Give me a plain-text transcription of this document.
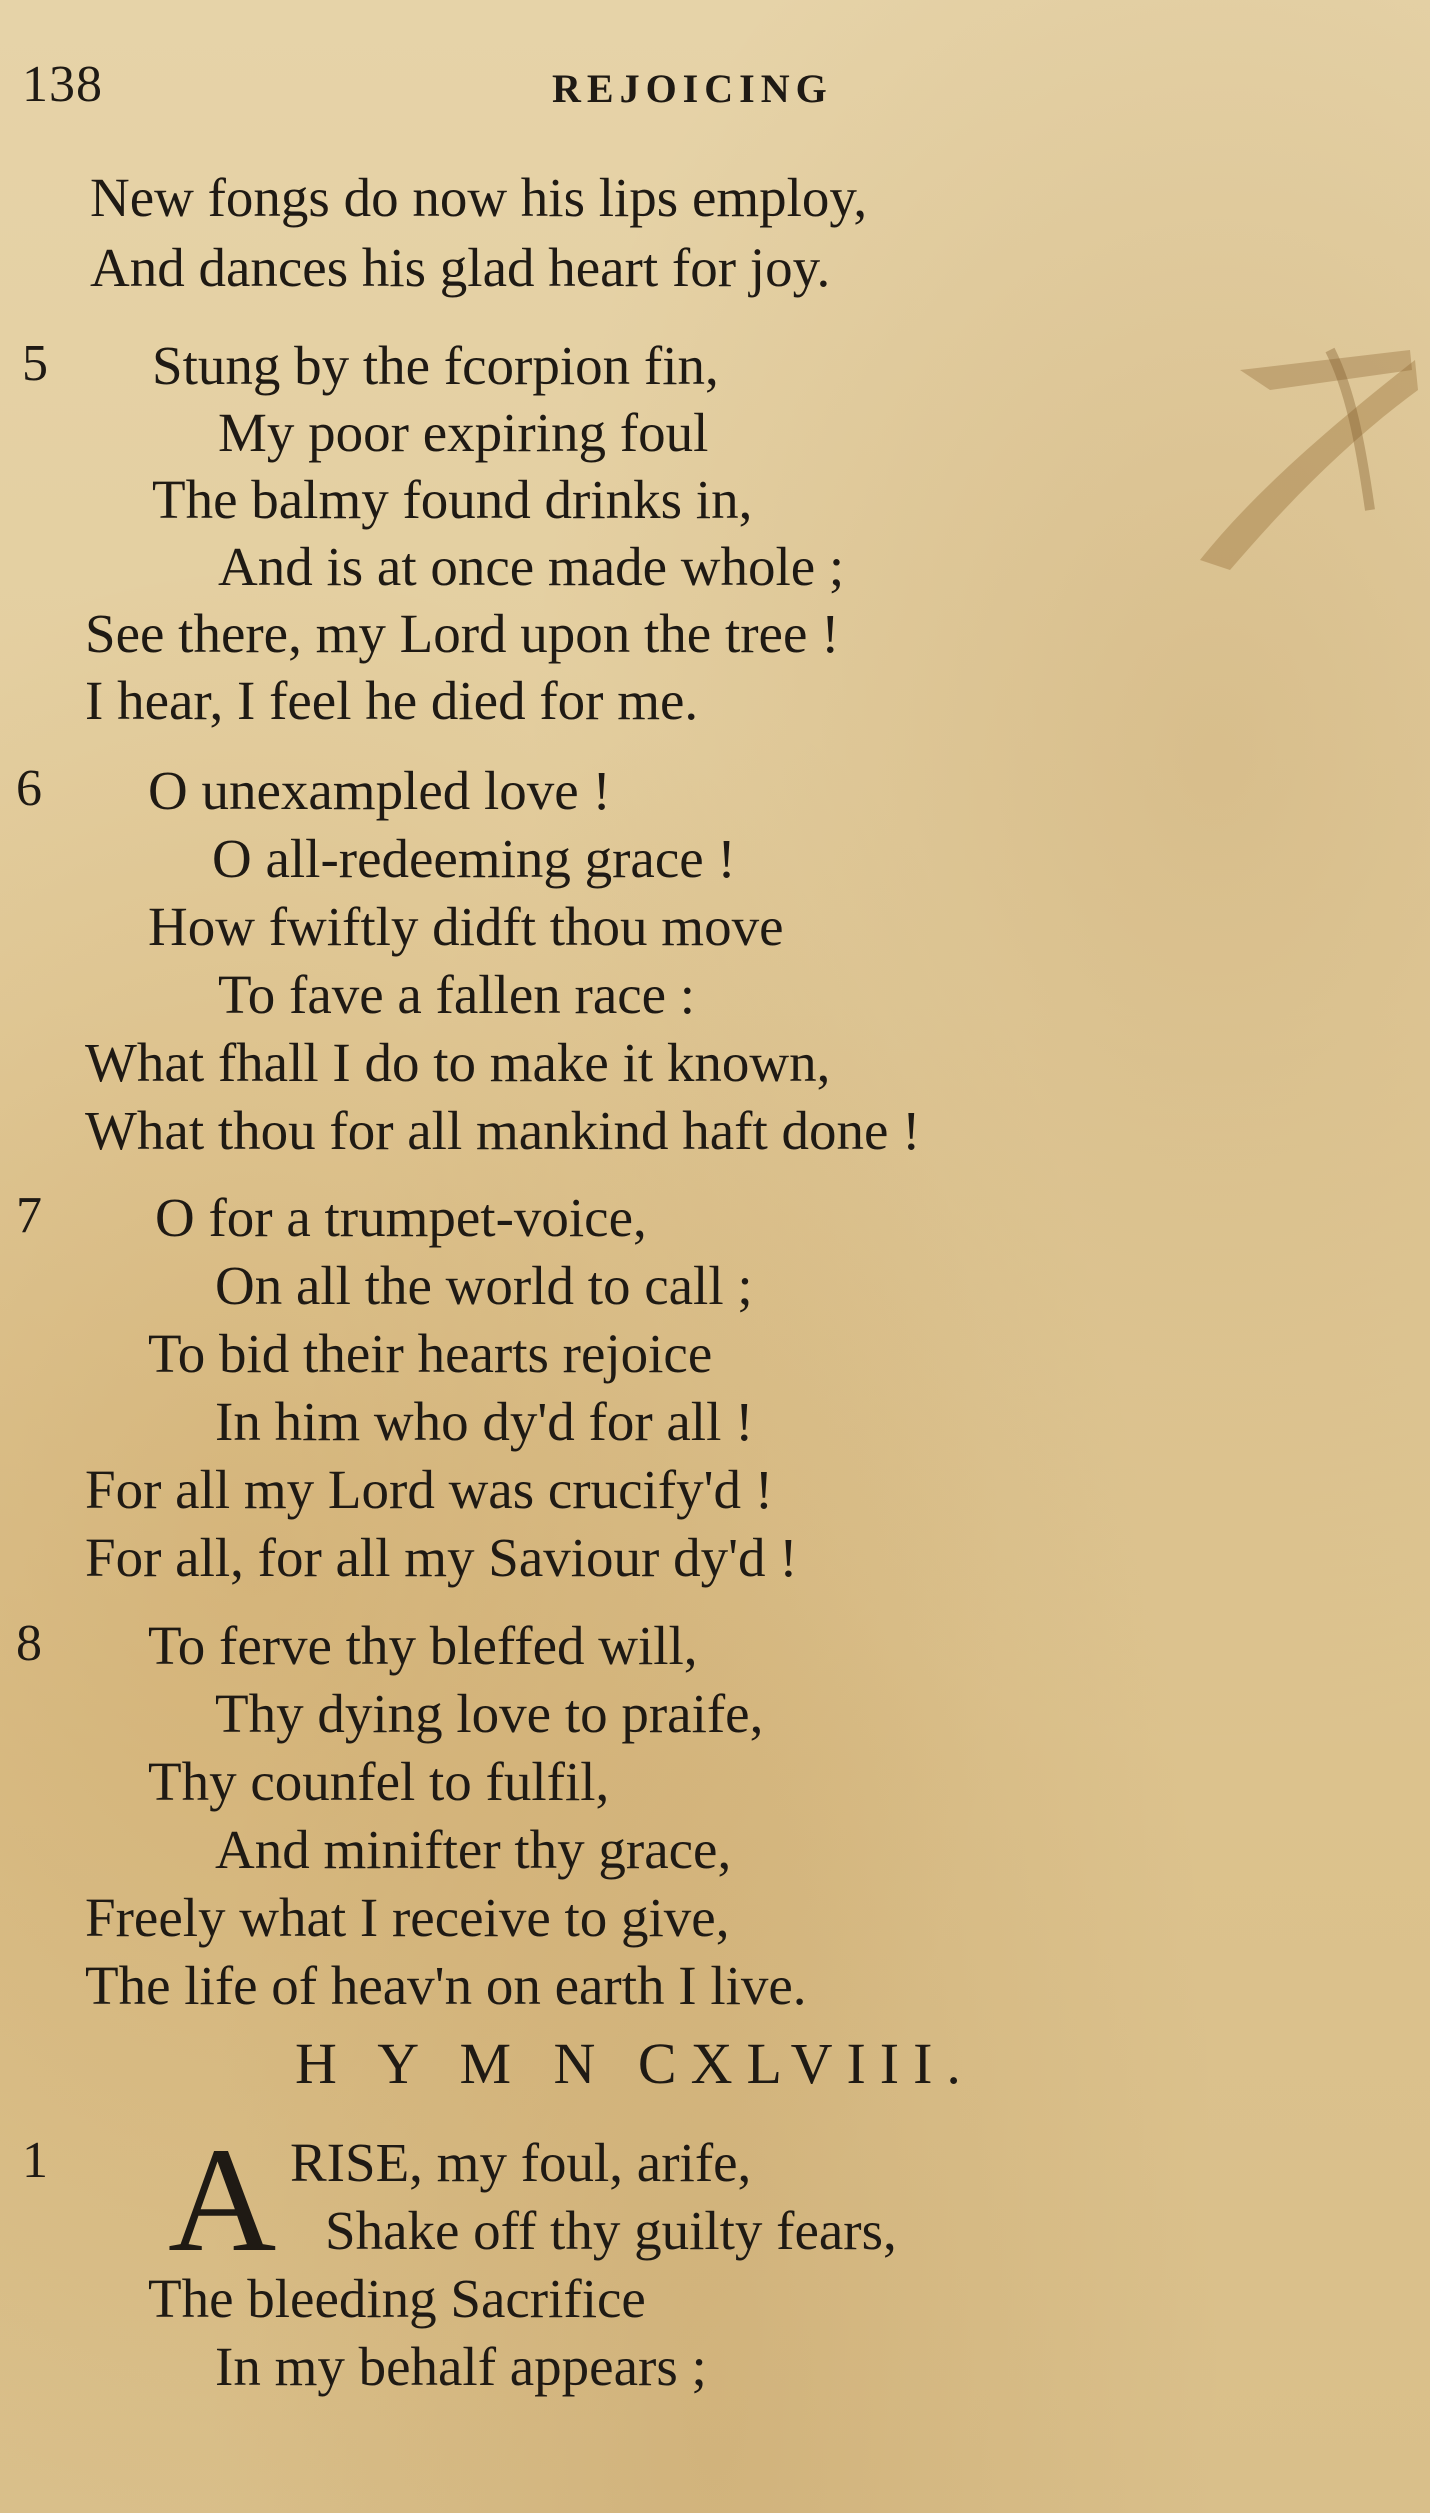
138	REJOICING
New fongs do now his lips employ,
And dances his glad heart for joy.
5 Stung by the fcorpion fin,
My poor expiring foul
The balmy found drinks in,
And is at once made whole ;
See there, my Lord upon the tree !
I hear, I feel he died for me.
6 O unexampled love !
O all-redeeming grace !
How fwiftly didft thou move
To fave a fallen race :
What fhall I do to make it known,
What thou for all mankind haft done !
7 O for a trumpet-voice,
On all the world to call ;
To bid their hearts rejoice
In him who dy'd for all !
For all my Lord was crucify'd !
For all, for all my Saviour dy'd !
8 To ferve thy bleffed will,
Thy dying love to praife,
Thy counfel to fulfil,
And minifter thy grace,
Freely what I receive to give,
The life of heav'n on earth I live.
H Y M N CXLVIII.
1 A RISE, my foul, arife,
Shake off thy guilty fears,
The bleeding Sacrifice
In my behalf appears ;
